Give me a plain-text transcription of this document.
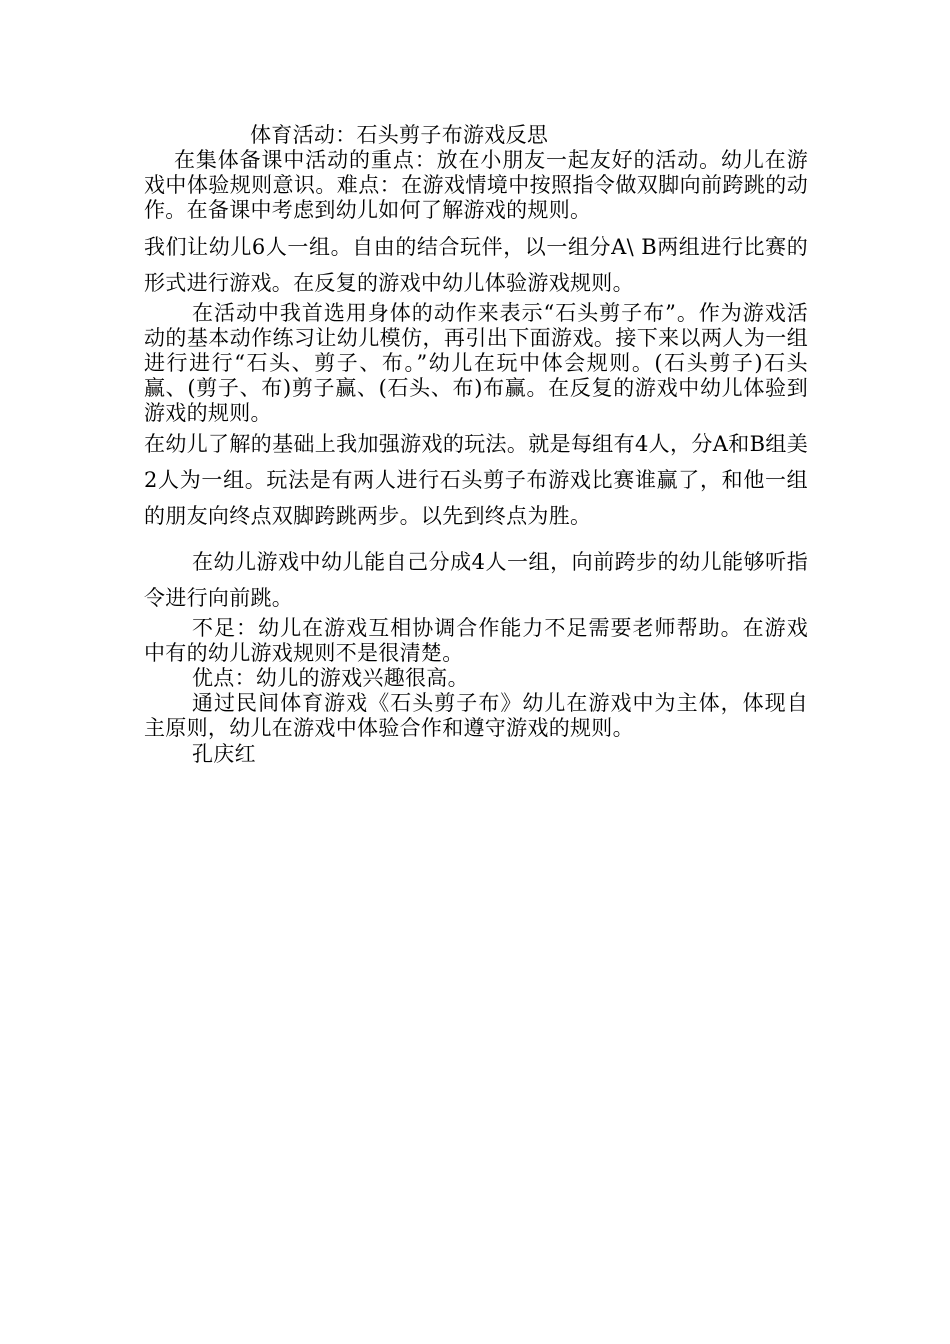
体育活动：石头剪子布游戏反思

在集体备课中活动的重点：放在小朋友一起友好的活动。幼儿在游戏中体验规则意识。难点：在游戏情境中按照指令做双脚向前跨跳的动作。在备课中考虑到幼儿如何了解游戏的规则。

我们让幼儿6人一组。自由的结合玩伴，以一组分A\ B两组进行比赛的形式进行游戏。在反复的游戏中幼儿体验游戏规则。

在活动中我首选用身体的动作来表示“石头剪子布”。作为游戏活动的基本动作练习让幼儿模仿，再引出下面游戏。接下来以两人为一组进行进行“石头、剪子、布。”幼儿在玩中体会规则。(石头剪子)石头赢、(剪子、布)剪子赢、(石头、布)布赢。在反复的游戏中幼儿体验到游戏的规则。

在幼儿了解的基础上我加强游戏的玩法。就是每组有4人，分A和B组美2人为一组。玩法是有两人进行石头剪子布游戏比赛谁赢了，和他一组的朋友向终点双脚跨跳两步。以先到终点为胜。

在幼儿游戏中幼儿能自己分成4人一组，向前跨步的幼儿能够听指令进行向前跳。

不足：幼儿在游戏互相协调合作能力不足需要老师帮助。在游戏中有的幼儿游戏规则不是很清楚。

优点：幼儿的游戏兴趣很高。

通过民间体育游戏《石头剪子布》幼儿在游戏中为主体，体现自主原则，幼儿在游戏中体验合作和遵守游戏的规则。

孔庆红
